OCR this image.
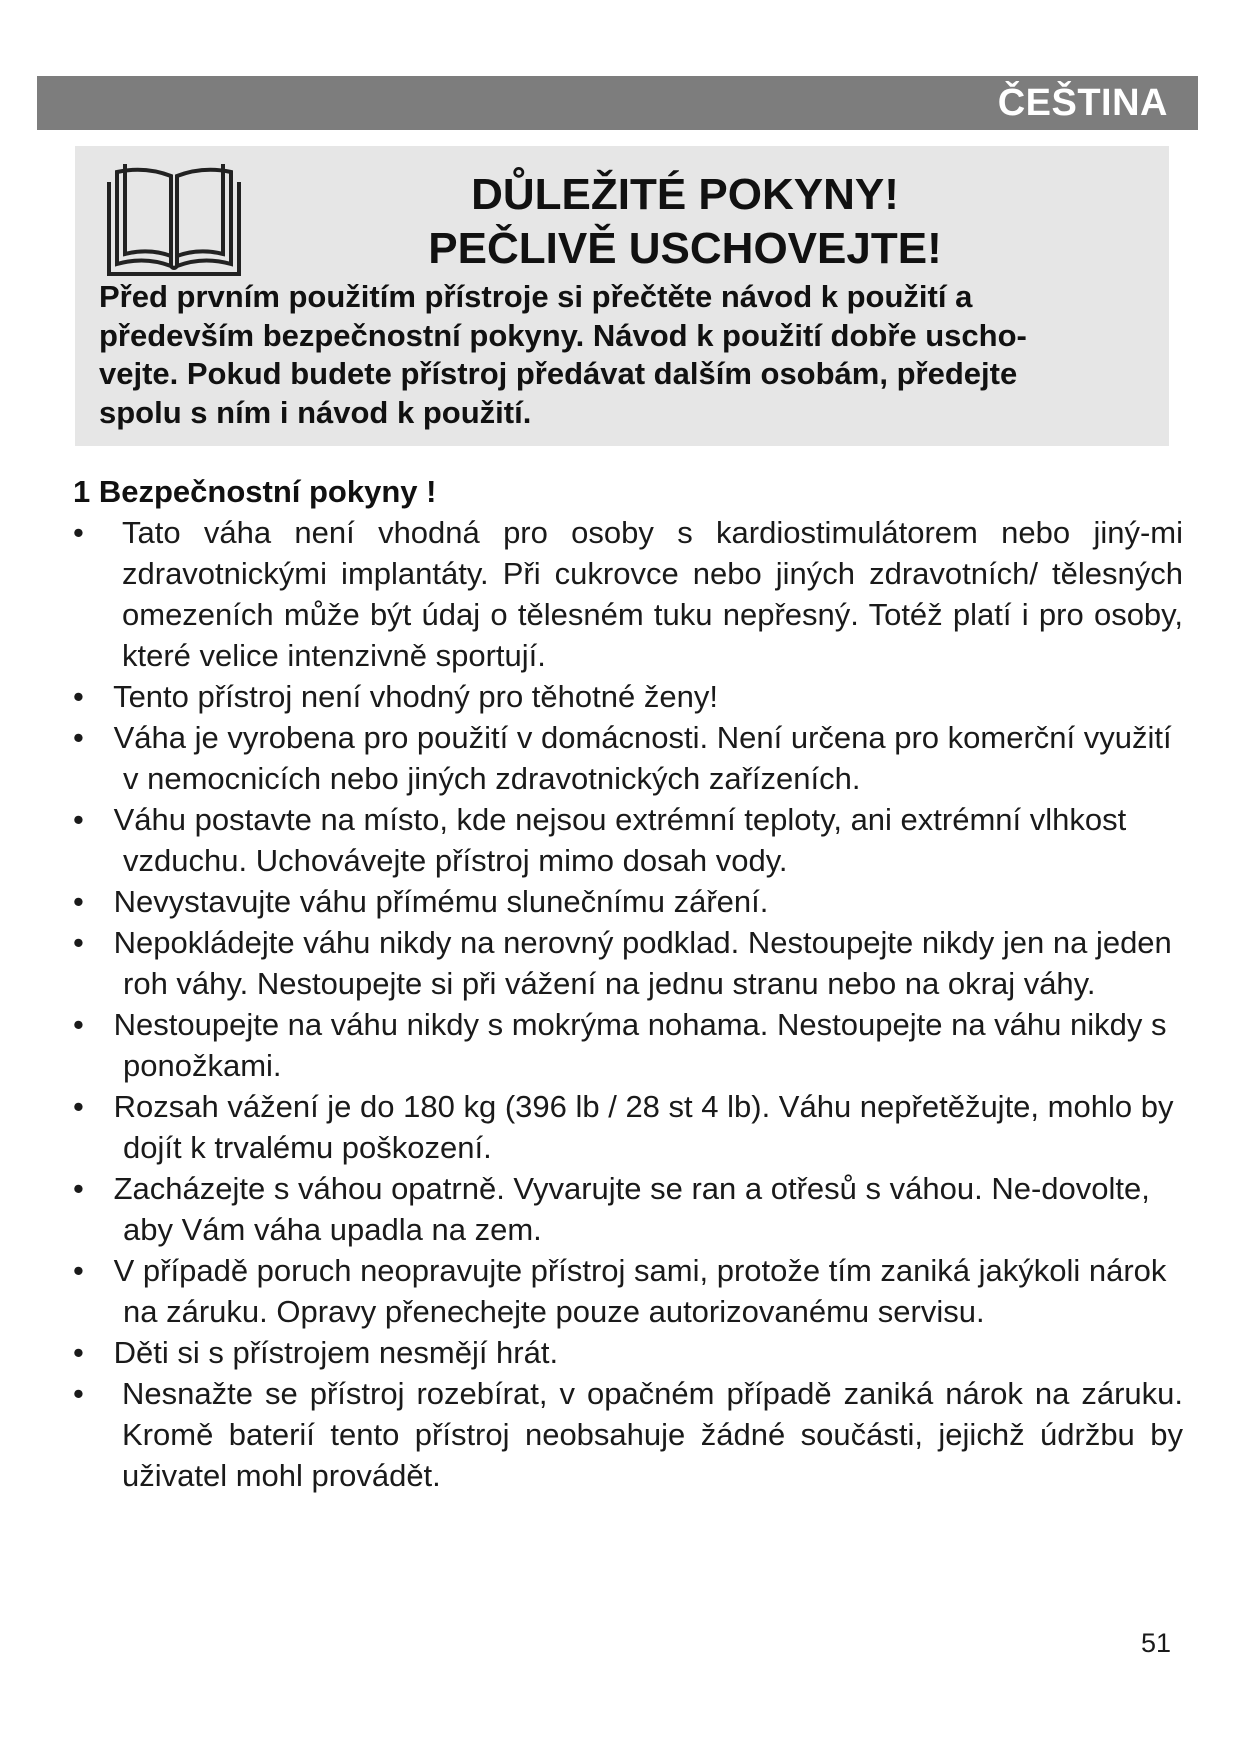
ČEŠTINA
DŮLEŽITÉ POKYNY!
PEČLIVĚ USCHOVEJTE!
Před prvním použitím přístroje si přečtěte návod k použití a
především bezpečnostní pokyny. Návod k použití dobře uscho-
vejte. Pokud budete přístroj předávat dalším osobám, předejte
spolu s ním i návod k použití.
1 Bezpečnostní pokyny !
• Tato váha není vhodná pro osoby s kardiostimulátorem nebo jiný-mi zdravotnickými implantáty. Při cukrovce nebo jiných zdravotních/ tělesných omezeních může být údaj o tělesném tuku nepřesný. Totéž platí i pro osoby, které velice intenzivně sportují.
• Tento přístroj není vhodný pro těhotné ženy!
• Váha je vyrobena pro použití v domácnosti. Není určena pro komerční využití v nemocnicích nebo jiných zdravotnických zařízeních.
• Váhu postavte na místo, kde nejsou extrémní teploty, ani extrémní vlhkost vzduchu. Uchovávejte přístroj mimo dosah vody.
• Nevystavujte váhu přímému slunečnímu záření.
• Nepokládejte váhu nikdy na nerovný podklad. Nestoupejte nikdy jen na jeden roh váhy. Nestoupejte si při vážení na jednu stranu nebo na okraj váhy.
• Nestoupejte na váhu nikdy s mokrýma nohama. Nestoupejte na váhu nikdy s ponožkami.
• Rozsah vážení je do 180 kg (396 lb / 28 st 4 lb). Váhu nepřetěžujte, mohlo by dojít k trvalému poškození.
• Zacházejte s váhou opatrně. Vyvarujte se ran a otřesů s váhou. Ne-dovolte, aby Vám váha upadla na zem.
• V případě poruch neopravujte přístroj sami, protože tím zaniká jakýkoli nárok na záruku. Opravy přenechejte pouze autorizovanému servisu.
• Děti si s přístrojem nesmějí hrát.
• Nesnažte se přístroj rozebírat, v opačném případě zaniká nárok na záruku. Kromě baterií tento přístroj neobsahuje žádné součásti, jejichž údržbu by uživatel mohl provádět.
51
